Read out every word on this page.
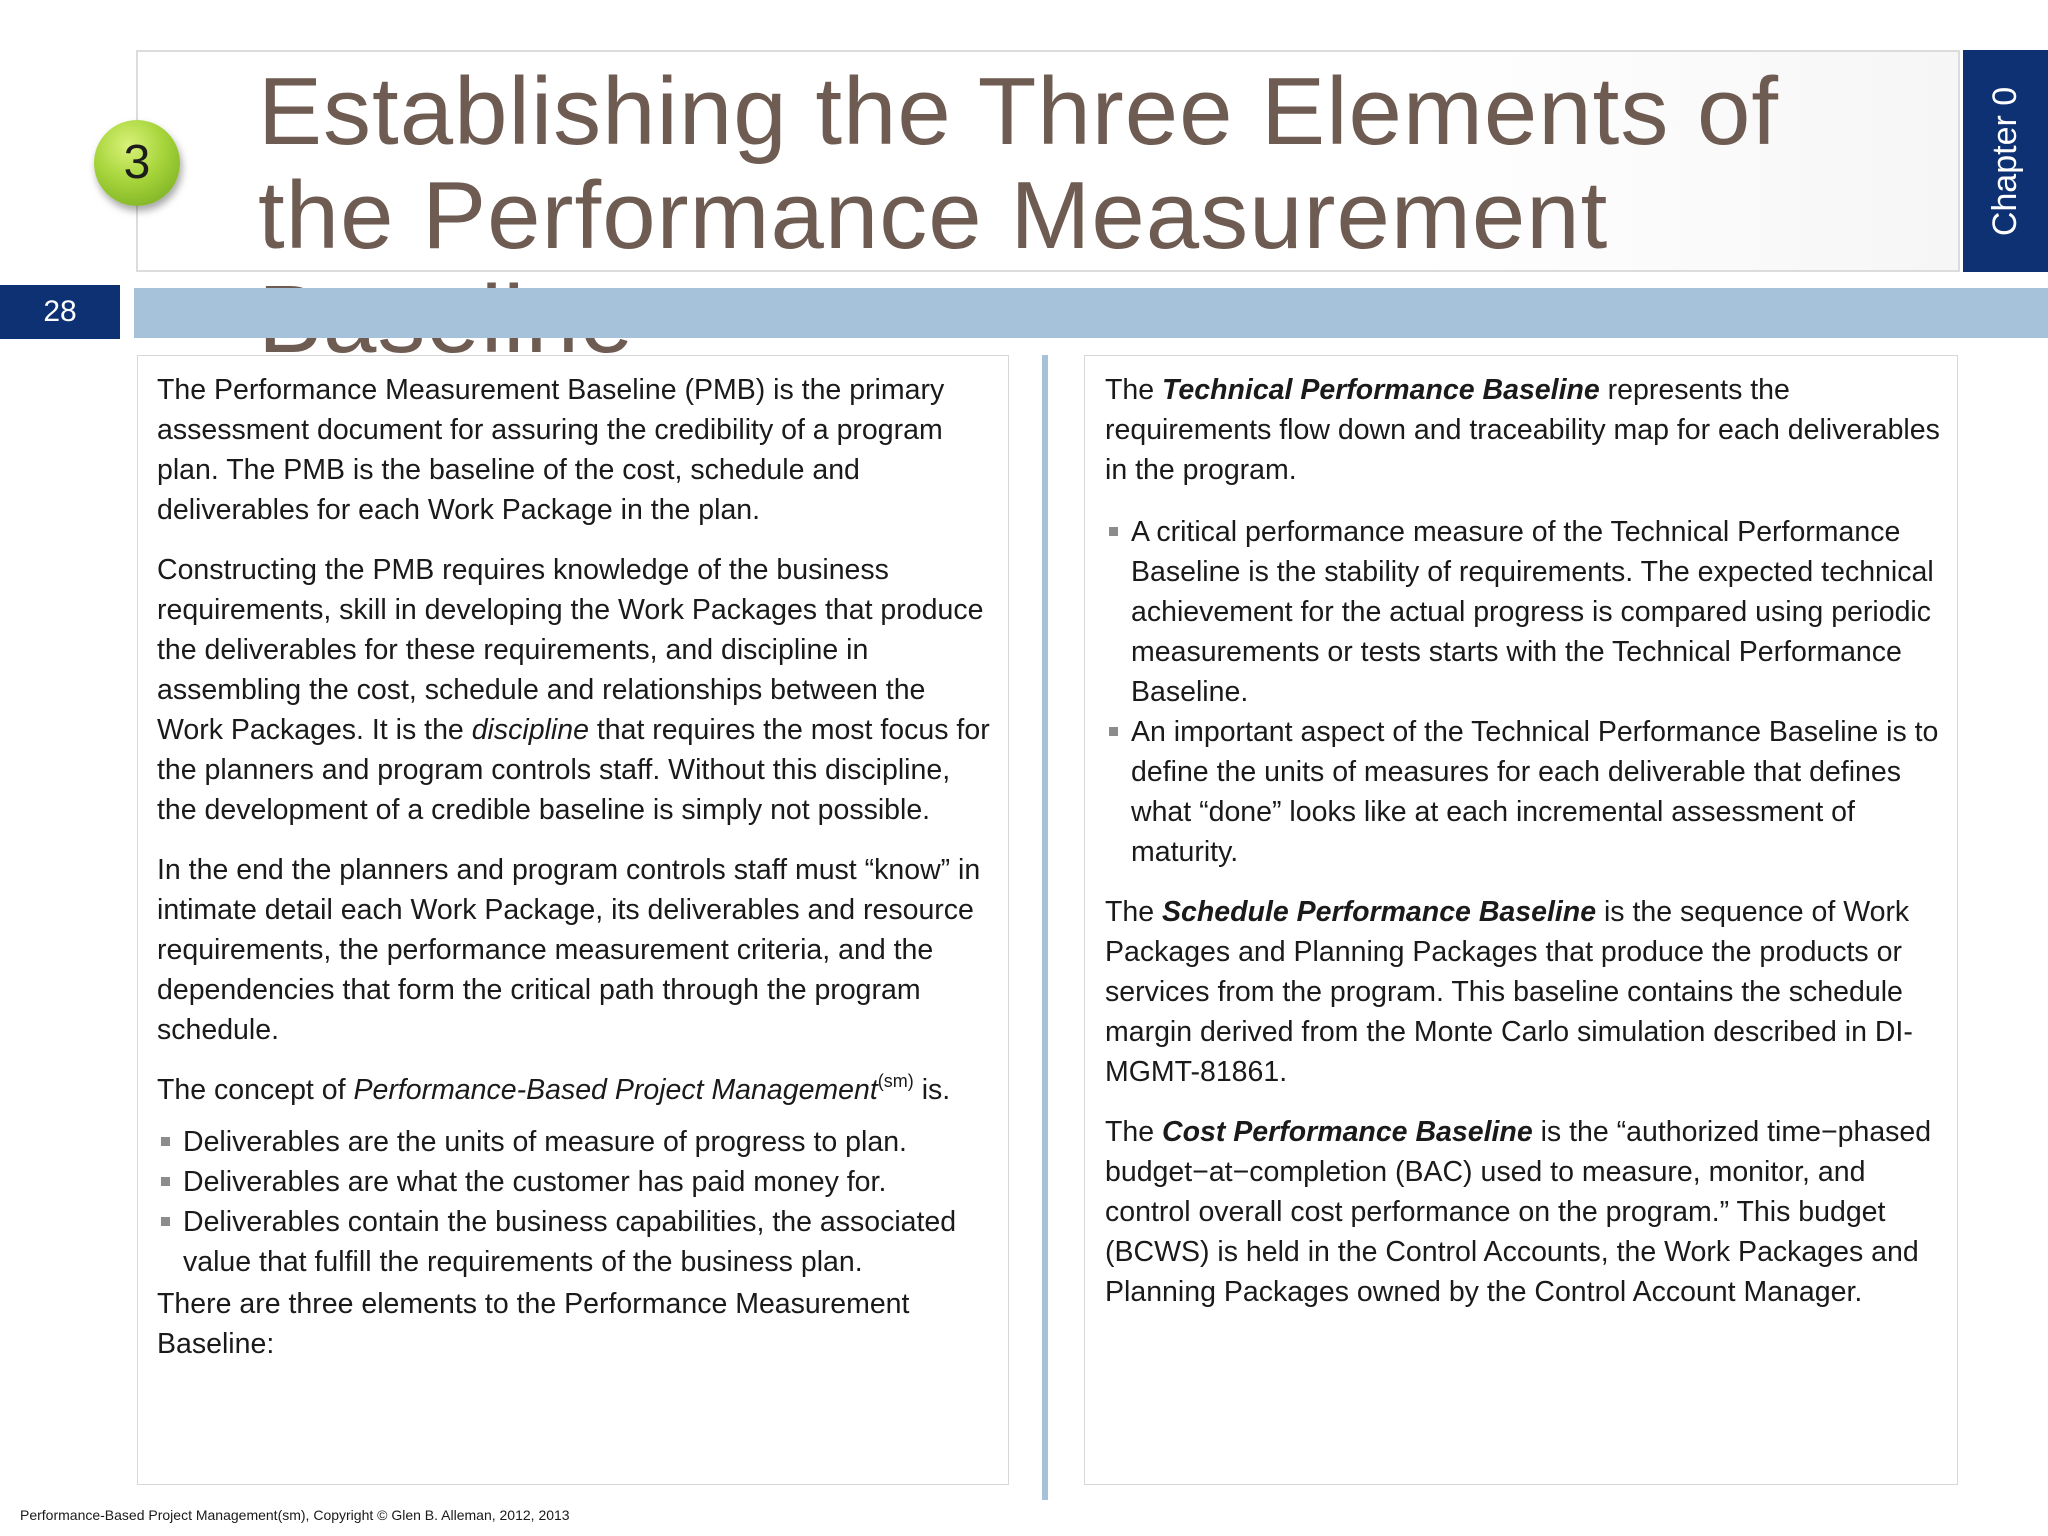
Establishing the Three Elements of the Performance Measurement
3	Chapter 0
28

The Performance Measurement Baseline (PMB) is the primary assessment document for assuring the credibility of a program plan. The PMB is the baseline of the cost, schedule and deliverables for each Work Package in the plan.

Constructing the PMB requires knowledge of the business requirements, skill in developing the Work Packages that produce the deliverables for these requirements, and discipline in assembling the cost, schedule and relationships between the Work Packages. It is the discipline that requires the most focus for the planners and program controls staff. Without this discipline, the development of a credible baseline is simply not possible.

In the end the planners and program controls staff must “know” in intimate detail each Work Package, its deliverables and resource requirements, the performance measurement criteria, and the dependencies that form the critical path through the program schedule.

The concept of Performance-Based Project Management$^{(sm)}$ is.

Deliverables are the units of measure of progress to plan.
Deliverables are what the customer has paid money for.
Deliverables contain the business capabilities, the associated value that fulfill the requirements of the business plan.

There are three elements to the Performance Measurement Baseline:

The Technical Performance Baseline represents the requirements flow down and traceability map for each deliverables in the program.

A critical performance measure of the Technical Performance Baseline is the stability of requirements. The expected technical achievement for the actual progress is compared using periodic measurements or tests starts with the Technical Performance Baseline.
An important aspect of the Technical Performance Baseline is to define the units of measures for each deliverable that defines what “done” looks like at each incremental assessment of maturity.

The Schedule Performance Baseline is the sequence of Work Packages and Planning Packages that produce the products or services from the program. This baseline contains the schedule margin derived from the Monte Carlo simulation described in DI-MGMT-81861.

The Cost Performance Baseline is the “authorized time−phased budget−at−completion (BAC) used to measure, monitor, and control overall cost performance on the program.” This budget (BCWS) is held in the Control Accounts, the Work Packages and Planning Packages owned by the Control Account Manager.

Performance-Based Project Management(sm), Copyright © Glen B. Alleman, 2012, 2013
